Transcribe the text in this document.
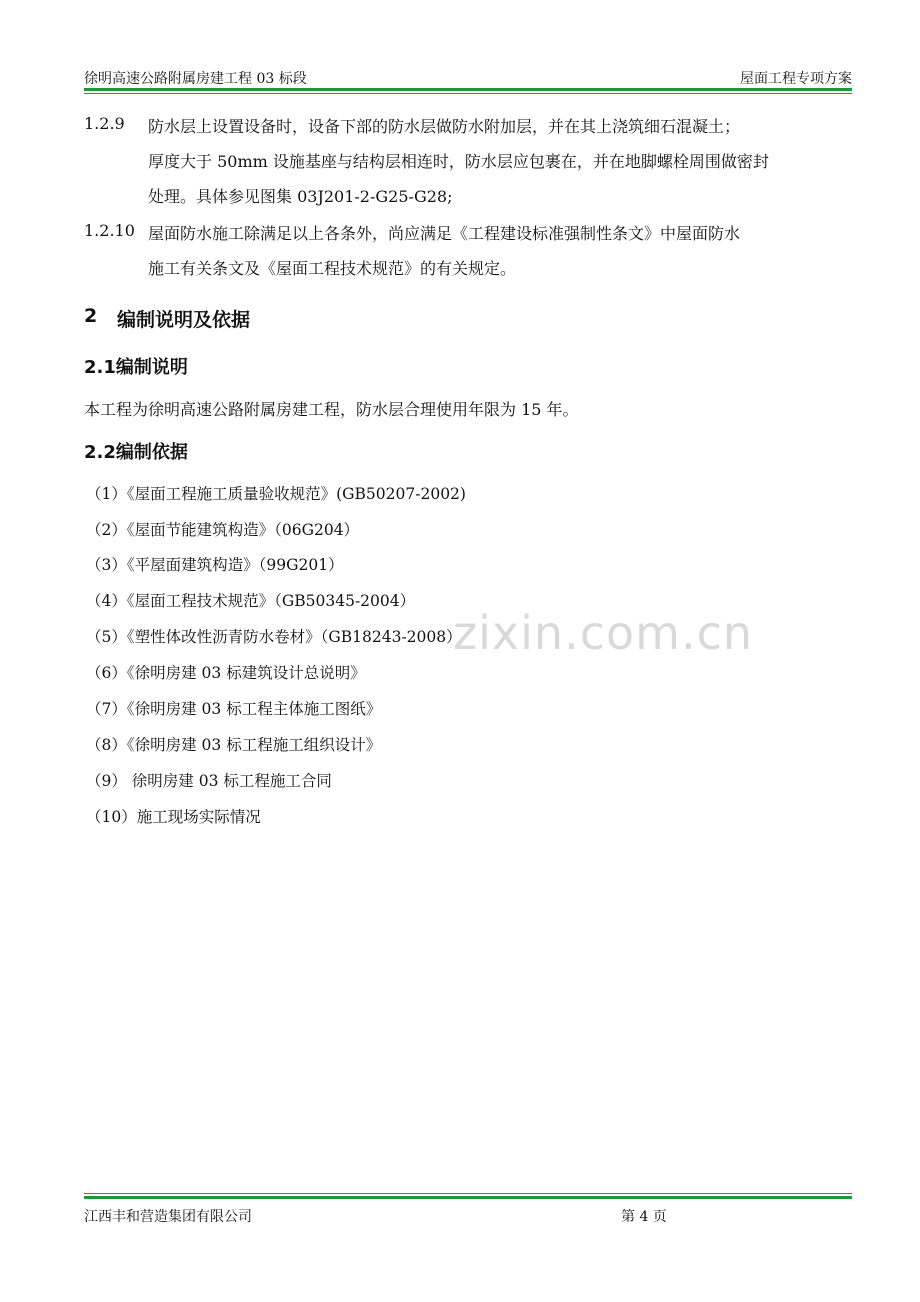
徐明高速公路附属房建工程 03 标段	屋面工程专项方案
1.2.9 防水层上设置设备时，设备下部的防水层做防水附加层，并在其上浇筑细石混凝土；
厚度大于 50mm 设施基座与结构层相连时，防水层应包裹在，并在地脚螺栓周围做密封
处理。具体参见图集 03J201-2-G25-G28;
1.2.10 屋面防水施工除满足以上各条外，尚应满足《工程建设标准强制性条文》中屋面防水
施工有关条文及《屋面工程技术规范》的有关规定。
2 编制说明及依据
2.1编制说明
本工程为徐明高速公路附属房建工程，防水层合理使用年限为 15 年。
2.2编制依据
（1）《屋面工程施工质量验收规范》(GB50207-2002)
（2）《屋面节能建筑构造》（06G204）
（3）《平屋面建筑构造》（99G201）
（4）《屋面工程技术规范》（GB50345-2004）
（5）《塑性体改性沥青防水卷材》（GB18243-2008）
（6）《徐明房建 03 标建筑设计总说明》
（7）《徐明房建 03 标工程主体施工图纸》
（8）《徐明房建 03 标工程施工组织设计》
（9） 徐明房建 03 标工程施工合同
（10）施工现场实际情况
zixin.com.cn
江西丰和营造集团有限公司	第 4 页
